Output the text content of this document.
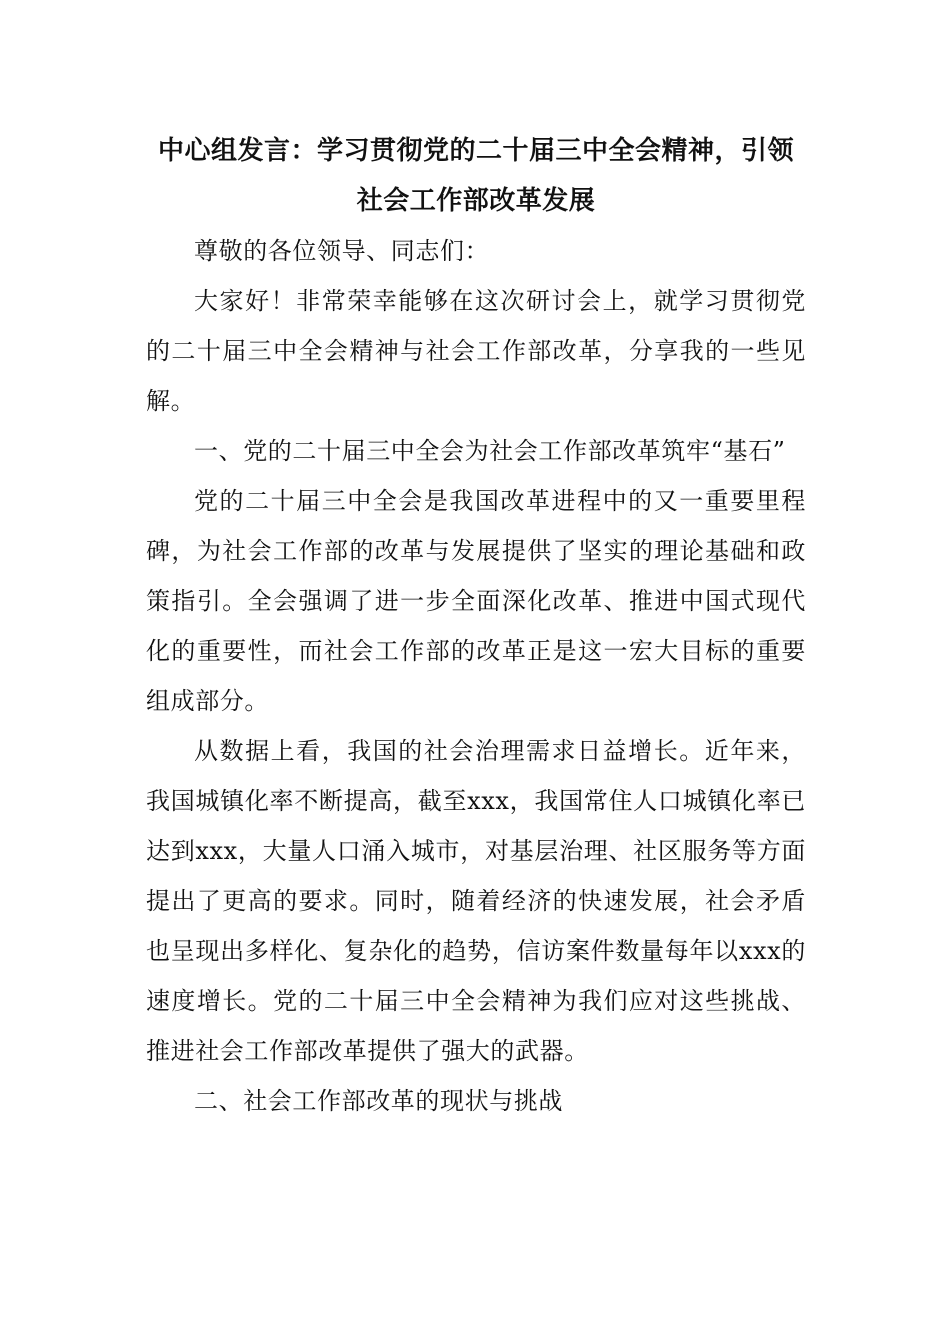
中心组发言：学习贯彻党的二十届三中全会精神，引领社会工作部改革发展

尊敬的各位领导、同志们：

大家好！非常荣幸能够在这次研讨会上，就学习贯彻党的二十届三中全会精神与社会工作部改革，分享我的一些见解。

一、党的二十届三中全会为社会工作部改革筑牢“基石”

党的二十届三中全会是我国改革进程中的又一重要里程碑，为社会工作部的改革与发展提供了坚实的理论基础和政策指引。全会强调了进一步全面深化改革、推进中国式现代化的重要性，而社会工作部的改革正是这一宏大目标的重要组成部分。

从数据上看，我国的社会治理需求日益增长。近年来，我国城镇化率不断提高，截至xxx，我国常住人口城镇化率已达到xxx，大量人口涌入城市，对基层治理、社区服务等方面提出了更高的要求。同时，随着经济的快速发展，社会矛盾也呈现出多样化、复杂化的趋势，信访案件数量每年以xxx的速度增长。党的二十届三中全会精神为我们应对这些挑战、推进社会工作部改革提供了强大的武器。

二、社会工作部改革的现状与挑战
